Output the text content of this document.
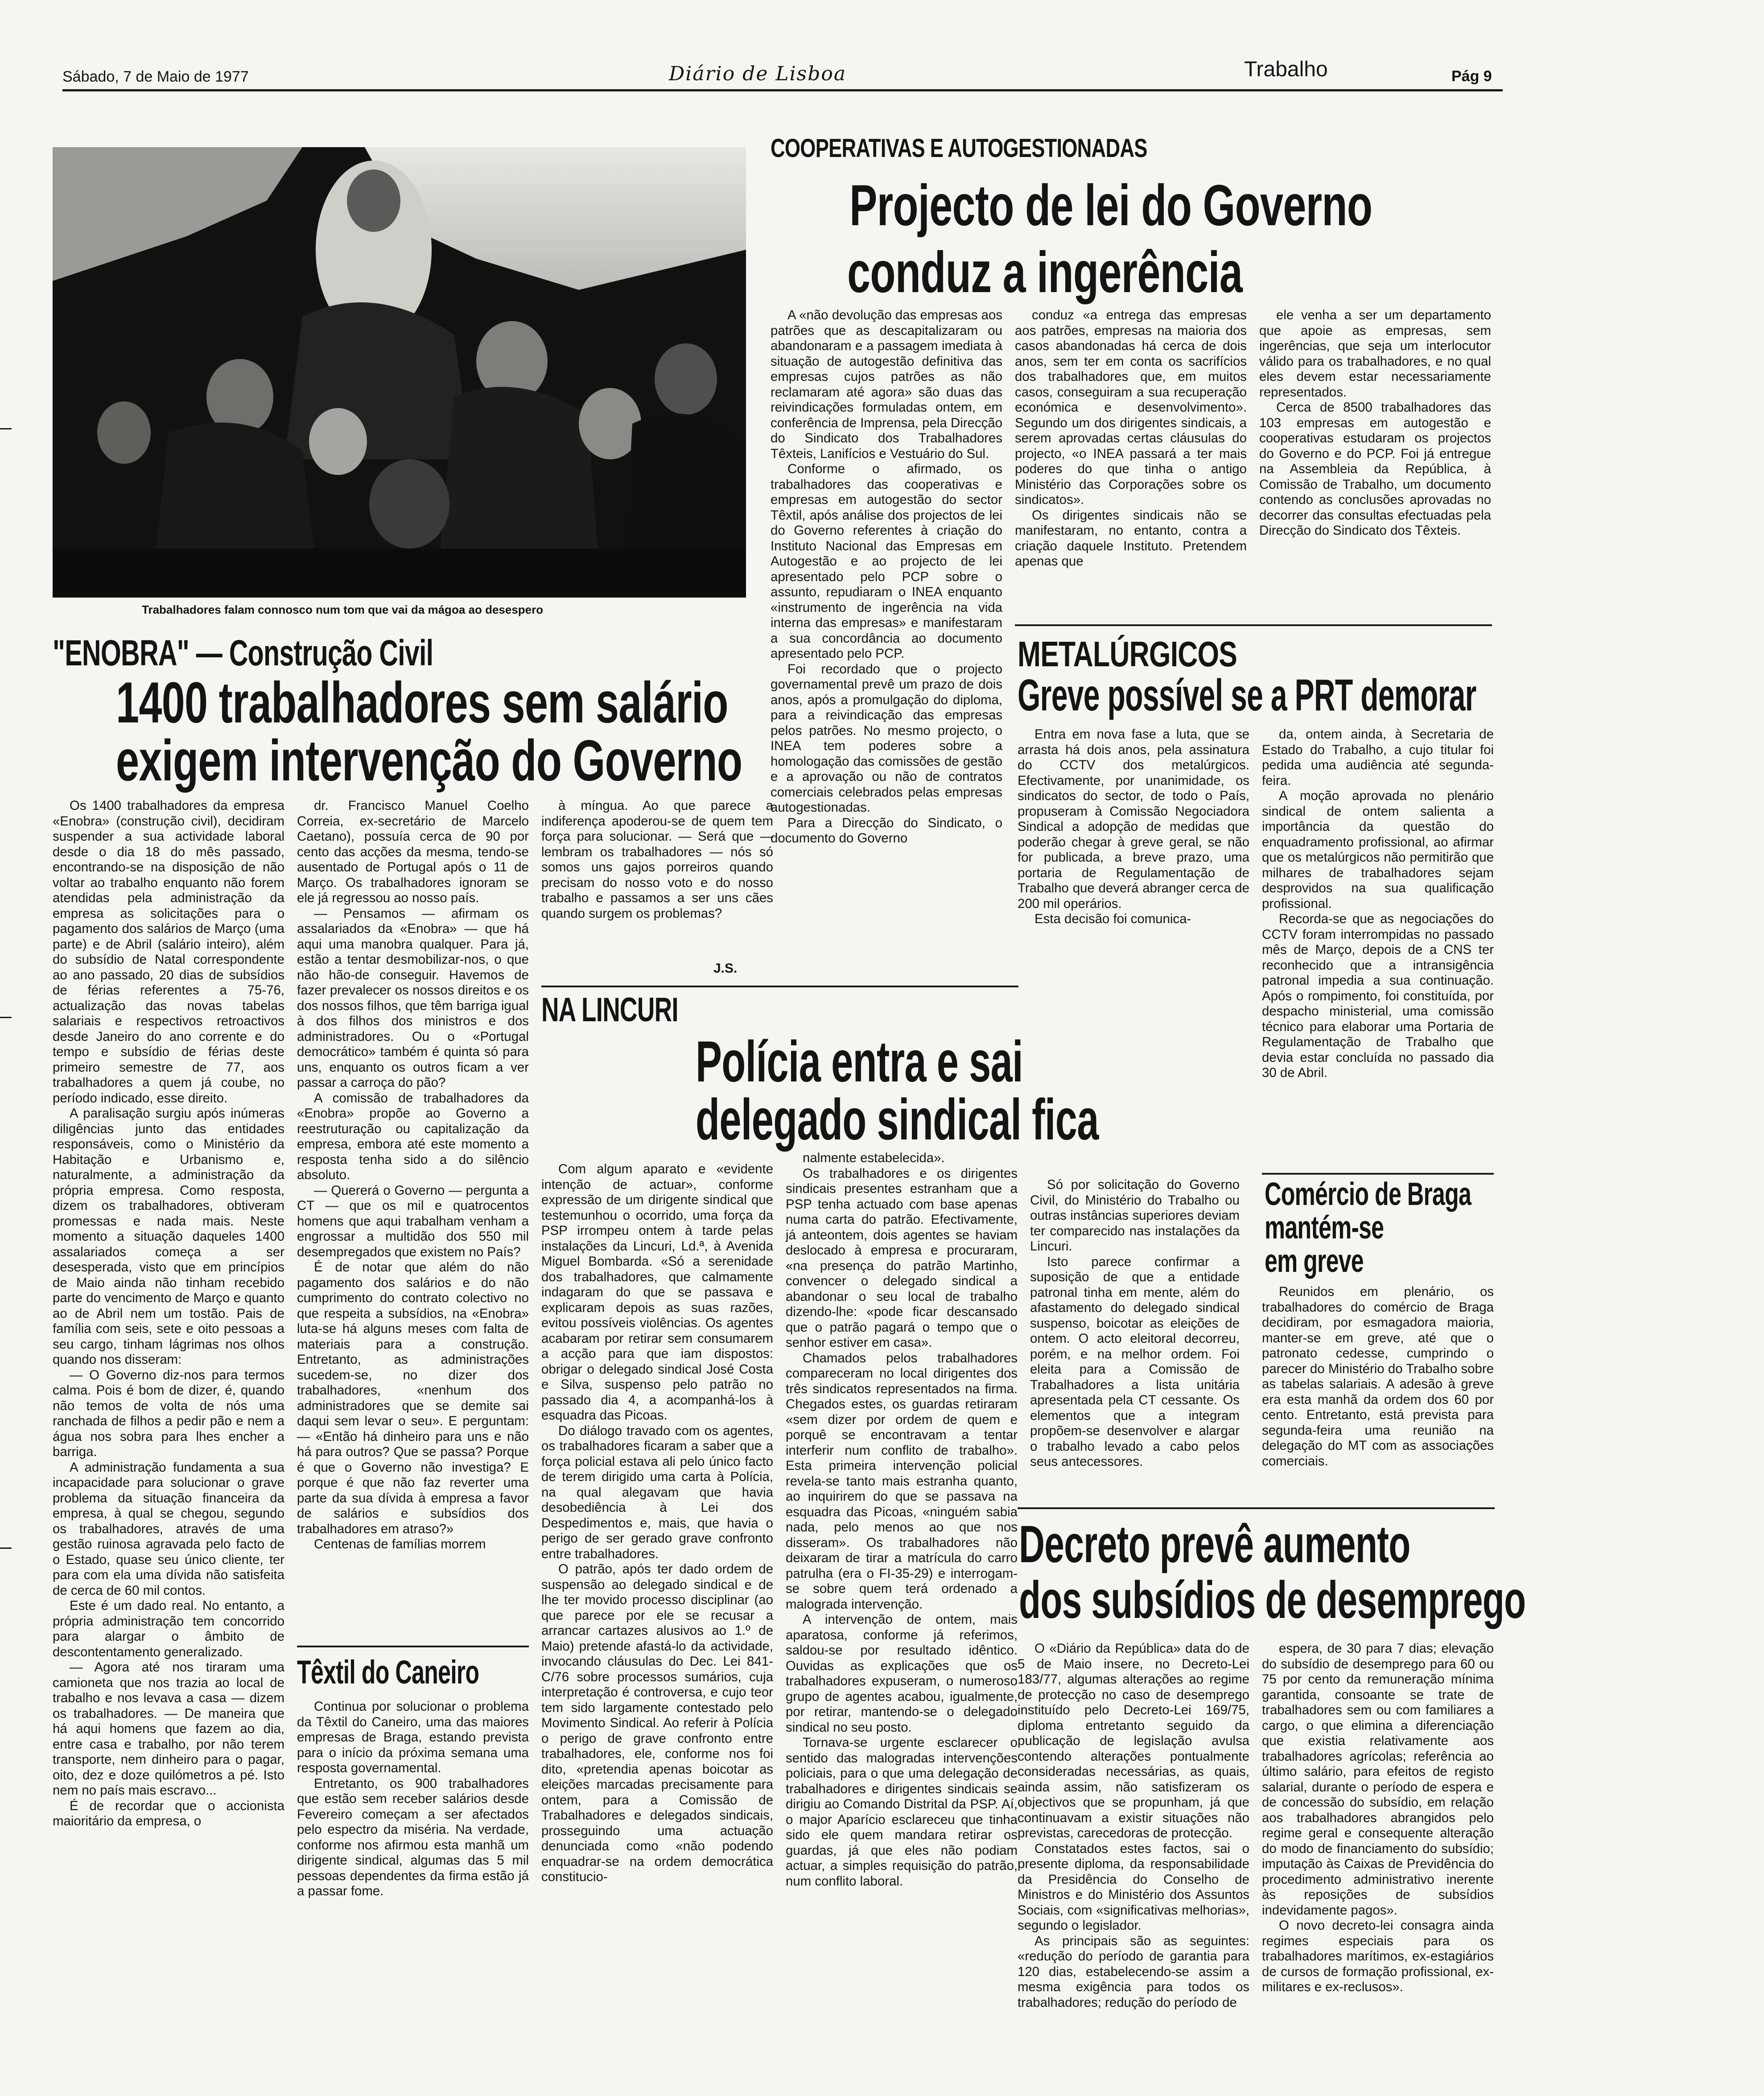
Sábado, 7 de Maio de 1977	Diário de Lisboa	Trabalho	Pág 9
Trabalhadores falam connosco num tom que vai da mágoa ao desespero
COOPERATIVAS E AUTOGESTIONADAS
Projecto de lei do Governo
conduz a ingerência

A «não devolução das empresas aos patrões que as descapitalizaram ou abandonaram e a passagem imediata à situação de autogestão definitiva das empresas cujos patrões as não reclamaram até agora» são duas das reivindicações formuladas ontem, em conferência de Imprensa, pela Direcção do Sindicato dos Trabalhadores Têxteis, Lanifícios e Vestuário do Sul.

Conforme o afirmado, os trabalhadores das cooperativas e empresas em autogestão do sector Têxtil, após análise dos projectos de lei do Governo referentes à criação do Instituto Nacional das Empresas em Autogestão e ao projecto de lei apresentado pelo PCP sobre o assunto, repudiaram o INEA enquanto «instrumento de ingerência na vida interna das empresas» e manifestaram a sua concordância ao documento apresentado pelo PCP.

Foi recordado que o projecto governamental prevê um prazo de dois anos, após a promulgação do diploma, para a reivindicação das empresas pelos patrões. No mesmo projecto, o INEA tem poderes sobre a homologação das comissões de gestão e a aprovação ou não de contratos comerciais celebrados pelas empresas autogestionadas.

Para a Direcção do Sindicato, o documento do Governo

conduz «a entrega das empresas aos patrões, empresas na maioria dos casos abandonadas há cerca de dois anos, sem ter em conta os sacrifícios dos trabalhadores que, em muitos casos, conseguiram a sua recuperação económica e desenvolvimento». Segundo um dos dirigentes sindicais, a serem aprovadas certas cláusulas do projecto, «o INEA passará a ter mais poderes do que tinha o antigo Ministério das Corporações sobre os sindicatos».

Os dirigentes sindicais não se manifestaram, no entanto, contra a criação daquele Instituto. Pretendem apenas que

ele venha a ser um departamento que apoie as empresas, sem ingerências, que seja um interlocutor válido para os trabalhadores, e no qual eles devem estar necessariamente representados.

Cerca de 8500 trabalhadores das 103 empresas em autogestão e cooperativas estudaram os projectos do Governo e do PCP. Foi já entregue na Assembleia da República, à Comissão de Trabalho, um documento contendo as conclusões aprovadas no decorrer das consultas efectuadas pela Direcção do Sindicato dos Têxteis.

METALÚRGICOS
Greve possível se a PRT demorar

Entra em nova fase a luta, que se arrasta há dois anos, pela assinatura do CCTV dos metalúrgicos. Efectivamente, por unanimidade, os sindicatos do sector, de todo o País, propuseram à Comissão Negociadora Sindical a adopção de medidas que poderão chegar à greve geral, se não for publicada, a breve prazo, uma portaria de Regulamentação de Trabalho que deverá abranger cerca de 200 mil operários.

Esta decisão foi comunica-

da, ontem ainda, à Secretaria de Estado do Trabalho, a cujo titular foi pedida uma audiência até segunda-feira.

A moção aprovada no plenário sindical de ontem salienta a importância da questão do enquadramento profissional, ao afirmar que os metalúrgicos não permitirão que milhares de trabalhadores sejam desprovidos na sua qualificação profissional.

Recorda-se que as negociações do CCTV foram interrompidas no passado mês de Março, depois de a CNS ter reconhecido que a intransigência patronal impedia a sua continuação. Após o rompimento, foi constituída, por despacho ministerial, uma comissão técnico para elaborar uma Portaria de Regulamentação de Trabalho que devia estar concluída no passado dia 30 de Abril.

"ENOBRA" — Construção Civil
1400 trabalhadores sem salário
exigem intervenção do Governo

Os 1400 trabalhadores da empresa «Enobra» (construção civil), decidiram suspender a sua actividade laboral desde o dia 18 do mês passado, encontrando-se na disposição de não voltar ao trabalho enquanto não forem atendidas pela administração da empresa as solicitações para o pagamento dos salários de Março (uma parte) e de Abril (salário inteiro), além do subsídio de Natal correspondente ao ano passado, 20 dias de subsídios de férias referentes a 75-76, actualização das novas tabelas salariais e respectivos retroactivos desde Janeiro do ano corrente e do tempo e subsídio de férias deste primeiro semestre de 77, aos trabalhadores a quem já coube, no período indicado, esse direito.

A paralisação surgiu após inúmeras diligências junto das entidades responsáveis, como o Ministério da Habitação e Urbanismo e, naturalmente, a administração da própria empresa. Como resposta, dizem os trabalhadores, obtiveram promessas e nada mais. Neste momento a situação daqueles 1400 assalariados começa a ser desesperada, visto que em princípios de Maio ainda não tinham recebido parte do vencimento de Março e quanto ao de Abril nem um tostão. Pais de família com seis, sete e oito pessoas a seu cargo, tinham lágrimas nos olhos quando nos disseram:

— O Governo diz-nos para termos calma. Pois é bom de dizer, é, quando não temos de volta de nós uma ranchada de filhos a pedir pão e nem a água nos sobra para lhes encher a barriga.

A administração fundamenta a sua incapacidade para solucionar o grave problema da situação financeira da empresa, à qual se chegou, segundo os trabalhadores, através de uma gestão ruinosa agravada pelo facto de o Estado, quase seu único cliente, ter para com ela uma dívida não satisfeita de cerca de 60 mil contos.

Este é um dado real. No entanto, a própria administração tem concorrido para alargar o âmbito de descontentamento generalizado.

— Agora até nos tiraram uma camioneta que nos trazia ao local de trabalho e nos levava a casa — dizem os trabalhadores. — De maneira que há aqui homens que fazem ao dia, entre casa e trabalho, por não terem transporte, nem dinheiro para o pagar, oito, dez e doze quilómetros a pé. Isto nem no país mais escravo...

É de recordar que o accionista maioritário da empresa, o

dr. Francisco Manuel Coelho Correia, ex-secretário de Marcelo Caetano), possuía cerca de 90 por cento das acções da mesma, tendo-se ausentado de Portugal após o 11 de Março. Os trabalhadores ignoram se ele já regressou ao nosso país.

— Pensamos — afirmam os assalariados da «Enobra» — que há aqui uma manobra qualquer. Para já, estão a tentar desmobilizar-nos, o que não hão-de conseguir. Havemos de fazer prevalecer os nossos direitos e os dos nossos filhos, que têm barriga igual à dos filhos dos ministros e dos administradores. Ou o «Portugal democrático» também é quinta só para uns, enquanto os outros ficam a ver passar a carroça do pão?

A comissão de trabalhadores da «Enobra» propõe ao Governo a reestruturação ou capitalização da empresa, embora até este momento a resposta tenha sido a do silêncio absoluto.

— Quererá o Governo — pergunta a CT — que os mil e quatrocentos homens que aqui trabalham venham a engrossar a multidão dos 550 mil desempregados que existem no País?

É de notar que além do não pagamento dos salários e do não cumprimento do contrato colectivo no que respeita a subsídios, na «Enobra» luta-se há alguns meses com falta de materiais para a construção. Entretanto, as administrações sucedem-se, no dizer dos trabalhadores, «nenhum dos administradores que se demite sai daqui sem levar o seu». E perguntam: — «Então há dinheiro para uns e não há para outros? Que se passa? Porque é que o Governo não investiga? E porque é que não faz reverter uma parte da sua dívida à empresa a favor de salários e subsídios dos trabalhadores em atraso?»

Centenas de famílias morrem

à míngua. Ao que parece a indiferença apoderou-se de quem tem força para solucionar. — Será que — lembram os trabalhadores — nós só somos uns gajos porreiros quando precisam do nosso voto e do nosso trabalho e passamos a ser uns cães quando surgem os problemas?

J.S.
Têxtil do Caneiro

Continua por solucionar o problema da Têxtil do Caneiro, uma das maiores empresas de Braga, estando prevista para o início da próxima semana uma resposta governamental.

Entretanto, os 900 trabalhadores que estão sem receber salários desde Fevereiro começam a ser afectados pelo espectro da miséria. Na verdade, conforme nos afirmou esta manhã um dirigente sindical, algumas das 5 mil pessoas dependentes da firma estão já a passar fome.

NA LINCURI
Polícia entra e sai
delegado sindical fica

Com algum aparato e «evidente intenção de actuar», conforme expressão de um dirigente sindical que testemunhou o ocorrido, uma força da PSP irrompeu ontem à tarde pelas instalações da Lincuri, Ld.ª, à Avenida Miguel Bombarda. «Só a serenidade dos trabalhadores, que calmamente indagaram do que se passava e explicaram depois as suas razões, evitou possíveis violências. Os agentes acabaram por retirar sem consumarem a acção para que iam dispostos: obrigar o delegado sindical José Costa e Silva, suspenso pelo patrão no passado dia 4, a acompanhá-los à esquadra das Picoas.

Do diálogo travado com os agentes, os trabalhadores ficaram a saber que a força policial estava ali pelo único facto de terem dirigido uma carta à Polícia, na qual alegavam que havia desobediência à Lei dos Despedimentos e, mais, que havia o perigo de ser gerado grave confronto entre trabalhadores.

O patrão, após ter dado ordem de suspensão ao delegado sindical e de lhe ter movido processo disciplinar (ao que parece por ele se recusar a arrancar cartazes alusivos ao 1.º de Maio) pretende afastá-lo da actividade, invocando cláusulas do Dec. Lei 841-C/76 sobre processos sumários, cuja interpretação é controversa, e cujo teor tem sido largamente contestado pelo Movimento Sindical. Ao referir à Polícia o perigo de grave confronto entre trabalhadores, ele, conforme nos foi dito, «pretendia apenas boicotar as eleições marcadas precisamente para ontem, para a Comissão de Trabalhadores e delegados sindicais, prosseguindo uma actuação denunciada como «não podendo enquadrar-se na ordem democrática constitucio-

nalmente estabelecida».

Os trabalhadores e os dirigentes sindicais presentes estranham que a PSP tenha actuado com base apenas numa carta do patrão. Efectivamente, já anteontem, dois agentes se haviam deslocado à empresa e procuraram, «na presença do patrão Martinho, convencer o delegado sindical a abandonar o seu local de trabalho dizendo-lhe: «pode ficar descansado que o patrão pagará o tempo que o senhor estiver em casa».

Chamados pelos trabalhadores compareceram no local dirigentes dos três sindicatos representados na firma. Chegados estes, os guardas retiraram «sem dizer por ordem de quem e porquê se encontravam a tentar interferir num conflito de trabalho». Esta primeira intervenção policial revela-se tanto mais estranha quanto, ao inquirirem do que se passava na esquadra das Picoas, «ninguém sabia nada, pelo menos ao que nos disseram». Os trabalhadores não deixaram de tirar a matrícula do carro patrulha (era o FI-35-29) e interrogam-se sobre quem terá ordenado a malograda intervenção.

A intervenção de ontem, mais aparatosa, conforme já referimos, saldou-se por resultado idêntico. Ouvidas as explicações que os trabalhadores expuseram, o numeroso grupo de agentes acabou, igualmente, por retirar, mantendo-se o delegado sindical no seu posto.

Tornava-se urgente esclarecer o sentido das malogradas intervenções policiais, para o que uma delegação de trabalhadores e dirigentes sindicais se dirigiu ao Comando Distrital da PSP. Aí, o major Aparício esclareceu que tinha sido ele quem mandara retirar os guardas, já que eles não podiam actuar, a simples requisição do patrão, num conflito laboral.

Só por solicitação do Governo Civil, do Ministério do Trabalho ou outras instâncias superiores deviam ter comparecido nas instalações da Lincuri.

Isto parece confirmar a suposição de que a entidade patronal tinha em mente, além do afastamento do delegado sindical suspenso, boicotar as eleições de ontem. O acto eleitoral decorreu, porém, e na melhor ordem. Foi eleita para a Comissão de Trabalhadores a lista unitária apresentada pela CT cessante. Os elementos que a integram propõem-se desenvolver e alargar o trabalho levado a cabo pelos seus antecessores.

Comércio de Braga
mantém-se
em greve

Reunidos em plenário, os trabalhadores do comércio de Braga decidiram, por esmagadora maioria, manter-se em greve, até que o patronato cedesse, cumprindo o parecer do Ministério do Trabalho sobre as tabelas salariais. A adesão à greve era esta manhã da ordem dos 60 por cento. Entretanto, está prevista para segunda-feira uma reunião na delegação do MT com as associações comerciais.

Decreto prevê aumento
dos subsídios de desemprego

O «Diário da República» data do de 5 de Maio insere, no Decreto-Lei 183/77, algumas alterações ao regime de protecção no caso de desemprego instituído pelo Decreto-Lei 169/75, diploma entretanto seguido da publicação de legislação avulsa contendo alterações pontualmente consideradas necessárias, as quais, ainda assim, não satisfizeram os objectivos que se propunham, já que continuavam a existir situações não previstas, carecedoras de protecção.

Constatados estes factos, sai o presente diploma, da responsabilidade da Presidência do Conselho de Ministros e do Ministério dos Assuntos Sociais, com «significativas melhorias», segundo o legislador.

As principais são as seguintes: «redução do período de garantia para 120 dias, estabelecendo-se assim a mesma exigência para todos os trabalhadores; redução do período de

espera, de 30 para 7 dias; elevação do subsídio de desemprego para 60 ou 75 por cento da remuneração mínima garantida, consoante se trate de trabalhadores sem ou com familiares a cargo, o que elimina a diferenciação que existia relativamente aos trabalhadores agrícolas; referência ao último salário, para efeitos de registo salarial, durante o período de espera e de concessão do subsídio, em relação aos trabalhadores abrangidos pelo regime geral e consequente alteração do modo de financiamento do subsídio; imputação às Caixas de Previdência do procedimento administrativo inerente às reposições de subsídios indevidamente pagos».

O novo decreto-lei consagra ainda regimes especiais para os trabalhadores marítimos, ex-estagiários de cursos de formação profissional, ex-militares e ex-reclusos».
